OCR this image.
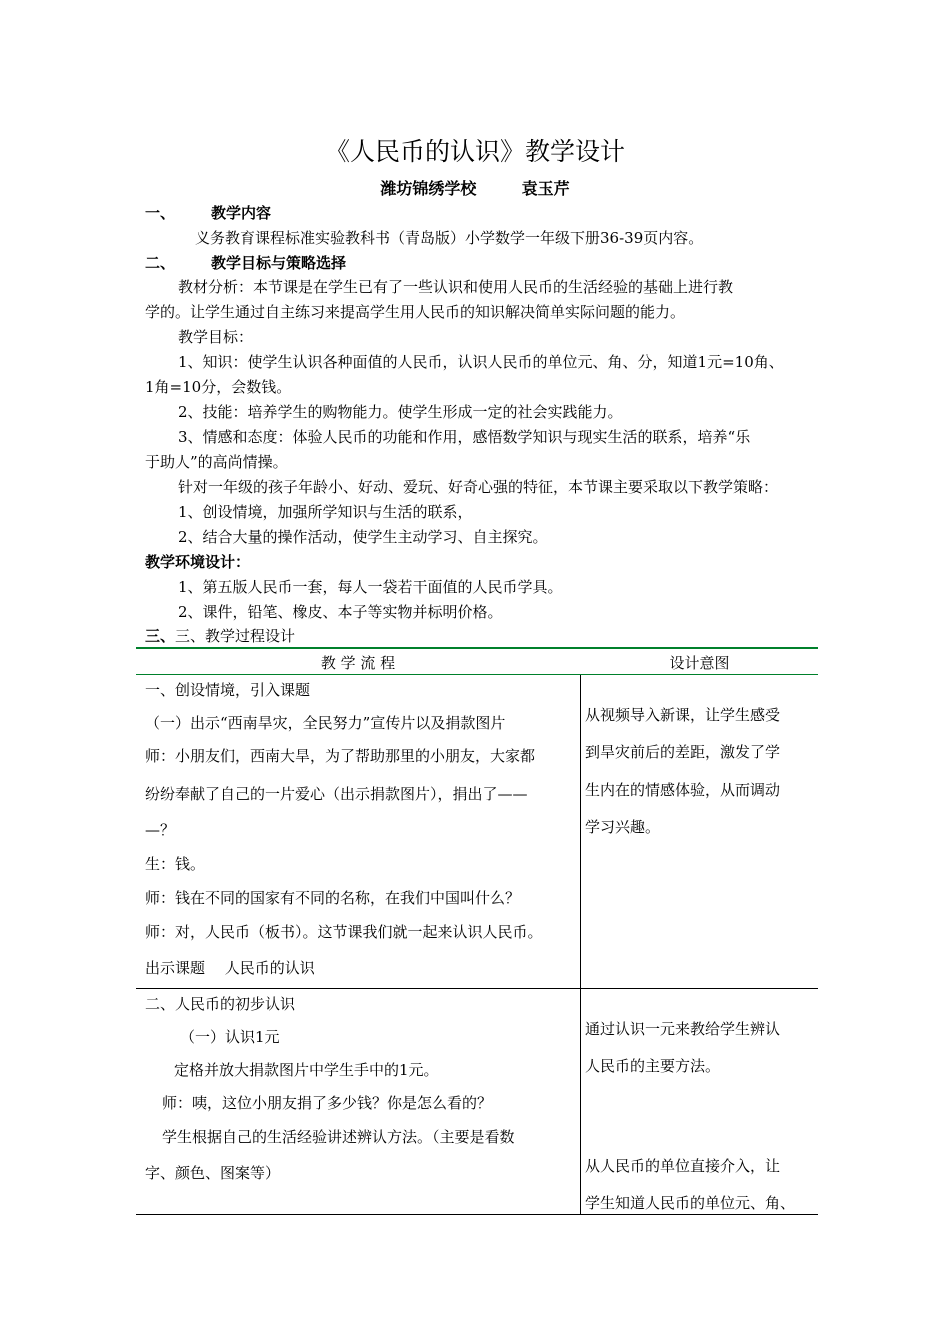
《人民币的认识》教学设计
潍坊锦绣学校	袁玉芹
一、 教学内容
义务教育课程标准实验教科书（青岛版）小学数学一年级下册36-39页内容。
二、 教学目标与策略选择
教材分析：本节课是在学生已有了一些认识和使用人民币的生活经验的基础上进行教
学的。让学生通过自主练习来提高学生用人民币的知识解决简单实际问题的能力。
教学目标：
1、知识：使学生认识各种面值的人民币，认识人民币的单位元、角、分，知道1元=10角、
1角=10分，会数钱。
2、技能：培养学生的购物能力。使学生形成一定的社会实践能力。
3、情感和态度：体验人民币的功能和作用，感悟数学知识与现实生活的联系，培养“乐
于助人”的高尚情操。
针对一年级的孩子年龄小、好动、爱玩、好奇心强的特征，本节课主要采取以下教学策略：
1、创设情境，加强所学知识与生活的联系，
2、结合大量的操作活动，使学生主动学习、自主探究。
教学环境设计：
1、第五版人民币一套，每人一袋若干面值的人民币学具。
2、课件，铅笔、橡皮、本子等实物并标明价格。
三、三、教学过程设计
教 学 流 程	设计意图
一、创设情境，引入课题
（一）出示“西南旱灾，全民努力”宣传片以及捐款图片
师：小朋友们，西南大旱，为了帮助那里的小朋友，大家都
纷纷奉献了自己的一片爱心（出示捐款图片），捐出了——
—？
生：钱。
师：钱在不同的国家有不同的名称，在我们中国叫什么？
师：对，人民币（板书）。这节课我们就一起来认识人民币。
出示课题　 人民币的认识
从视频导入新课，让学生感受
到旱灾前后的差距，激发了学
生内在的情感体验，从而调动
学习兴趣。
二、人民币的初步认识
（一）认识1元
定格并放大捐款图片中学生手中的1元。
师：咦，这位小朋友捐了多少钱？你是怎么看的？
学生根据自己的生活经验讲述辨认方法。（主要是看数
字、颜色、图案等）
通过认识一元来教给学生辨认
人民币的主要方法。
从人民币的单位直接介入，让
学生知道人民币的单位元、角、
